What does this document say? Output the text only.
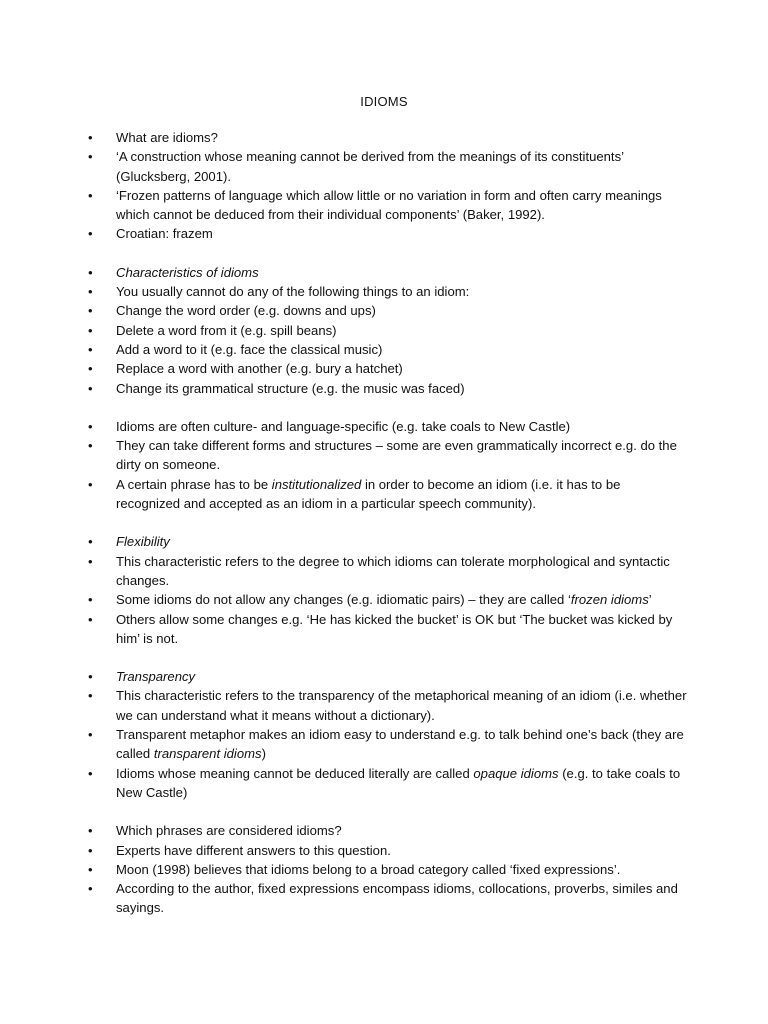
IDIOMS
• What are idioms?
• ‘A construction whose meaning cannot be derived from the meanings of its constituents’ (Glucksberg, 2001).
• ‘Frozen patterns of language which allow little or no variation in form and often carry meanings which cannot be deduced from their individual components’ (Baker, 1992).
• Croatian: frazem
• Characteristics of idioms
• You usually cannot do any of the following things to an idiom:
• Change the word order (e.g. downs and ups)
• Delete a word from it (e.g. spill beans)
• Add a word to it (e.g. face the classical music)
• Replace a word with another (e.g. bury a hatchet)
• Change its grammatical structure (e.g. the music was faced)
• Idioms are often culture- and language-specific (e.g. take coals to New Castle)
• They can take different forms and structures – some are even grammatically incorrect e.g. do the dirty on someone.
• A certain phrase has to be institutionalized in order to become an idiom (i.e. it has to be recognized and accepted as an idiom in a particular speech community).
• Flexibility
• This characteristic refers to the degree to which idioms can tolerate morphological and syntactic changes.
• Some idioms do not allow any changes (e.g. idiomatic pairs) – they are called ‘frozen idioms’
• Others allow some changes e.g. ‘He has kicked the bucket’ is OK but ‘The bucket was kicked by him’ is not.
• Transparency
• This characteristic refers to the transparency of the metaphorical meaning of an idiom (i.e. whether we can understand what it means without a dictionary).
• Transparent metaphor makes an idiom easy to understand e.g. to talk behind one’s back (they are called transparent idioms)
• Idioms whose meaning cannot be deduced literally are called opaque idioms (e.g. to take coals to New Castle)
• Which phrases are considered idioms?
• Experts have different answers to this question.
• Moon (1998) believes that idioms belong to a broad category called ‘fixed expressions’.
• According to the author, fixed expressions encompass idioms, collocations, proverbs, similes and sayings.
